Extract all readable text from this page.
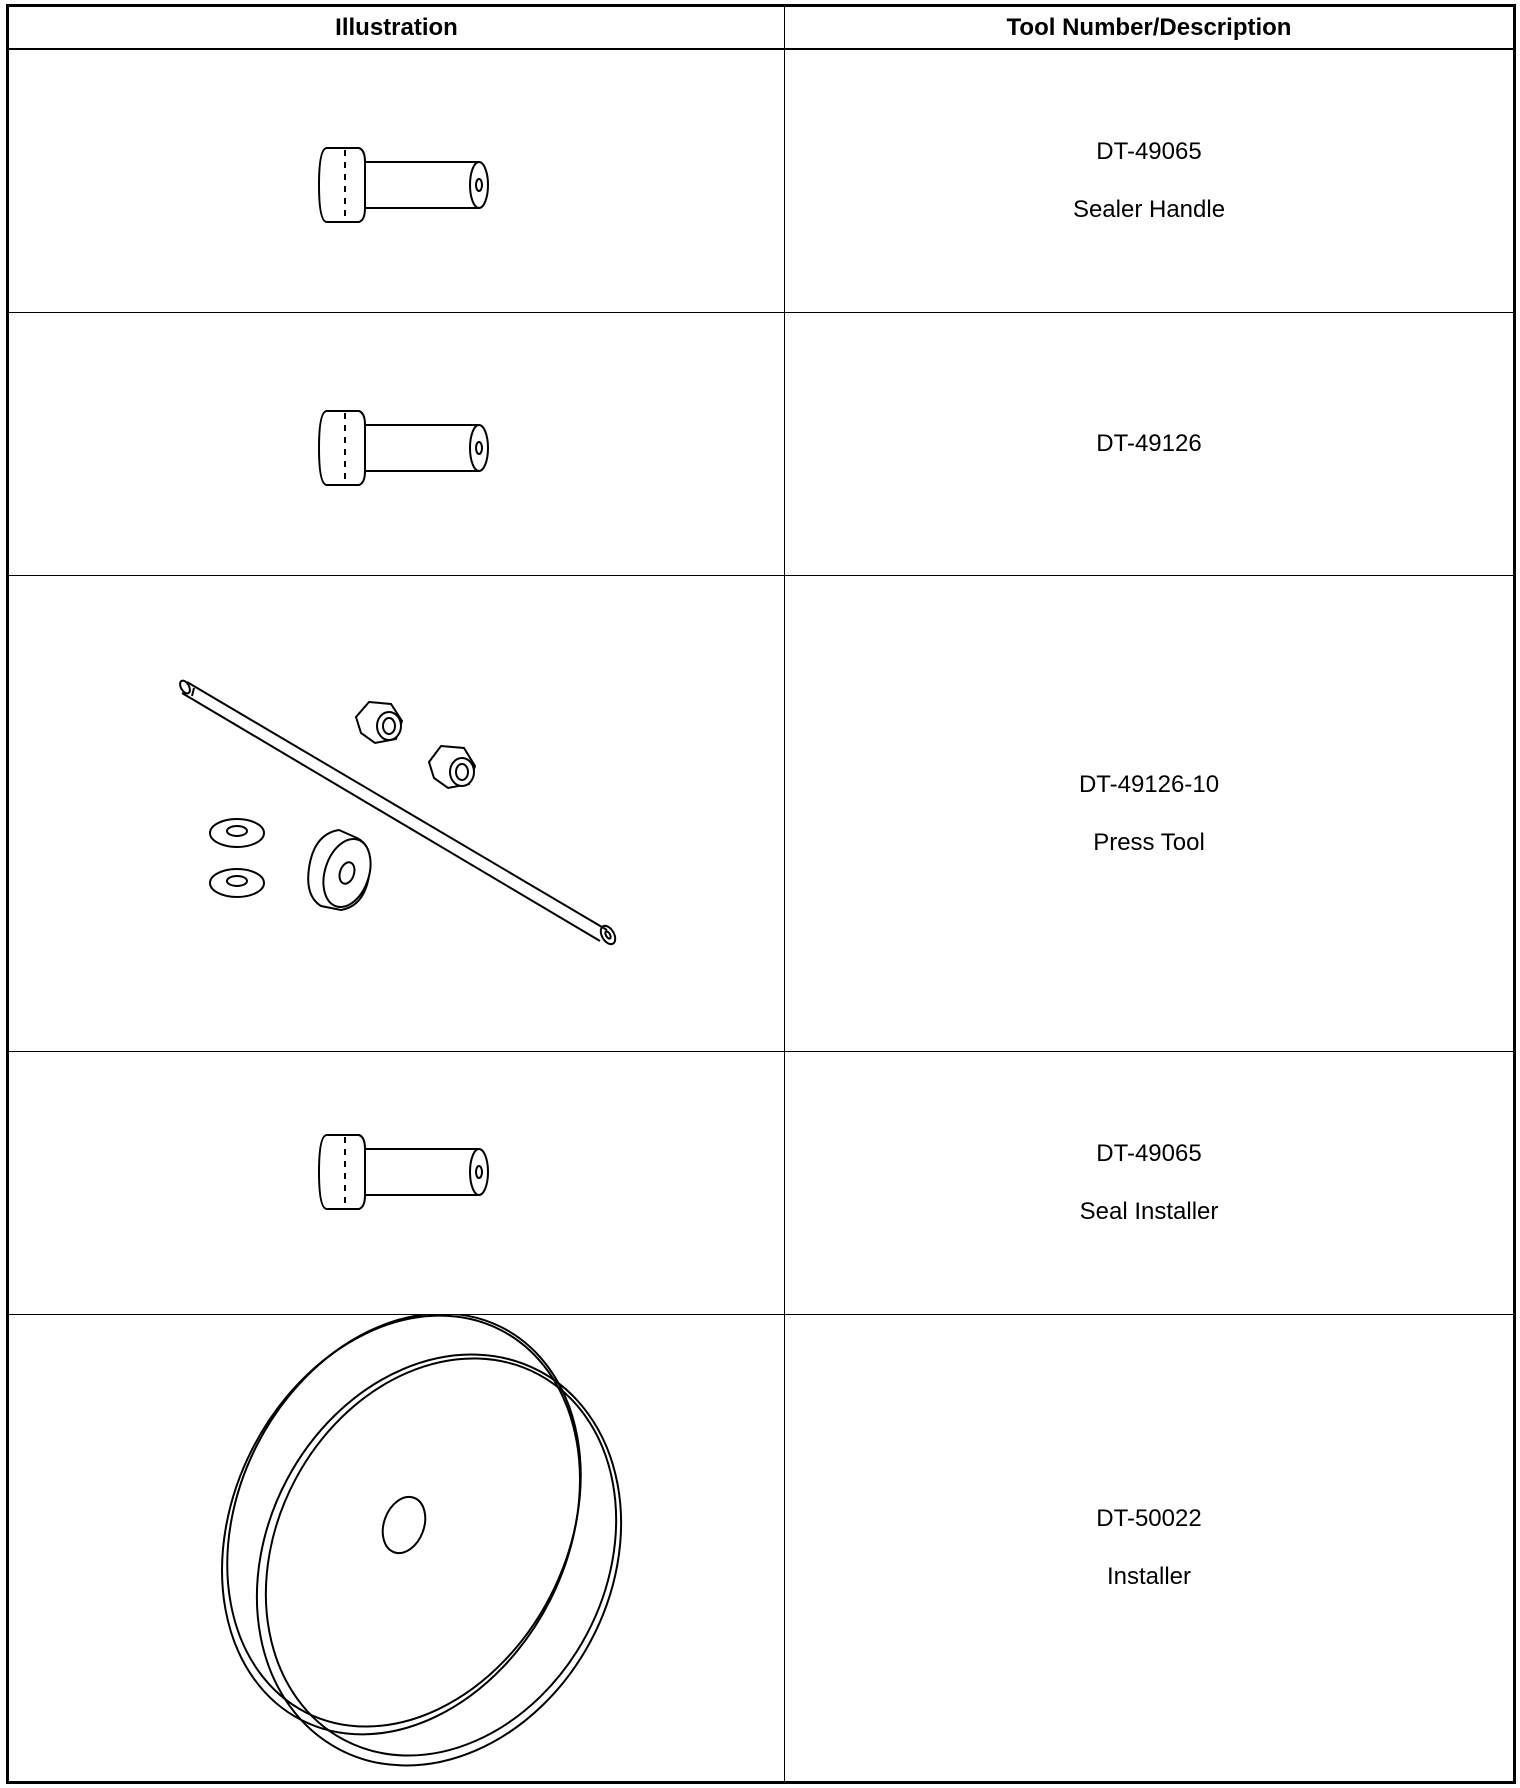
Illustration	Tool Number/Description
DT-49065
Sealer Handle
DT-49126
DT-49126-10
Press Tool
DT-49065
Seal Installer
DT-50022
Installer
